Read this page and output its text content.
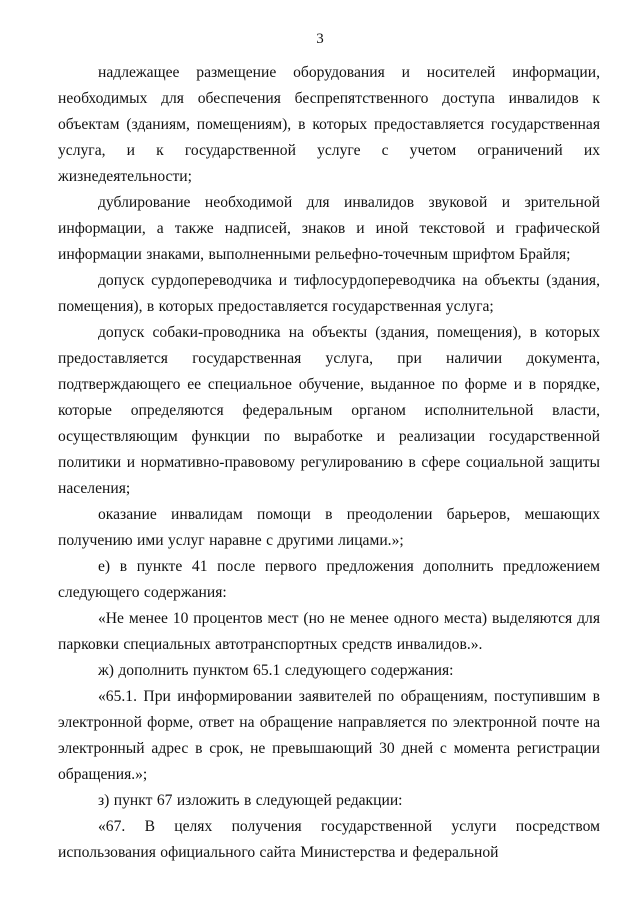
3

надлежащее размещение оборудования и носителей информации, необходимых для обеспечения беспрепятственного доступа инвалидов к объектам (зданиям, помещениям), в которых предоставляется государственная услуга, и к государственной услуге с учетом ограничений их жизнедеятельности;

дублирование необходимой для инвалидов звуковой и зрительной информации, а также надписей, знаков и иной текстовой и графической информации знаками, выполненными рельефно-точечным шрифтом Брайля;

допуск сурдопереводчика и тифлосурдопереводчика на объекты (здания, помещения), в которых предоставляется государственная услуга;

допуск собаки-проводника на объекты (здания, помещения), в которых предоставляется государственная услуга, при наличии документа, подтверждающего ее специальное обучение, выданное по форме и в порядке, которые определяются федеральным органом исполнительной власти, осуществляющим функции по выработке и реализации государственной политики и нормативно-правовому регулированию в сфере социальной защиты населения;

оказание инвалидам помощи в преодолении барьеров, мешающих получению ими услуг наравне с другими лицами.»;

е) в пункте 41 после первого предложения дополнить предложением следующего содержания:

«Не менее 10 процентов мест (но не менее одного места) выделяются для парковки специальных автотранспортных средств инвалидов.».

ж) дополнить пунктом 65.1 следующего содержания:

«65.1. При информировании заявителей по обращениям, поступившим в электронной форме, ответ на обращение направляется по электронной почте на электронный адрес в срок, не превышающий 30 дней с момента регистрации обращения.»;

з) пункт 67 изложить в следующей редакции:

«67. В целях получения государственной услуги посредством использования официального сайта Министерства и федеральной
